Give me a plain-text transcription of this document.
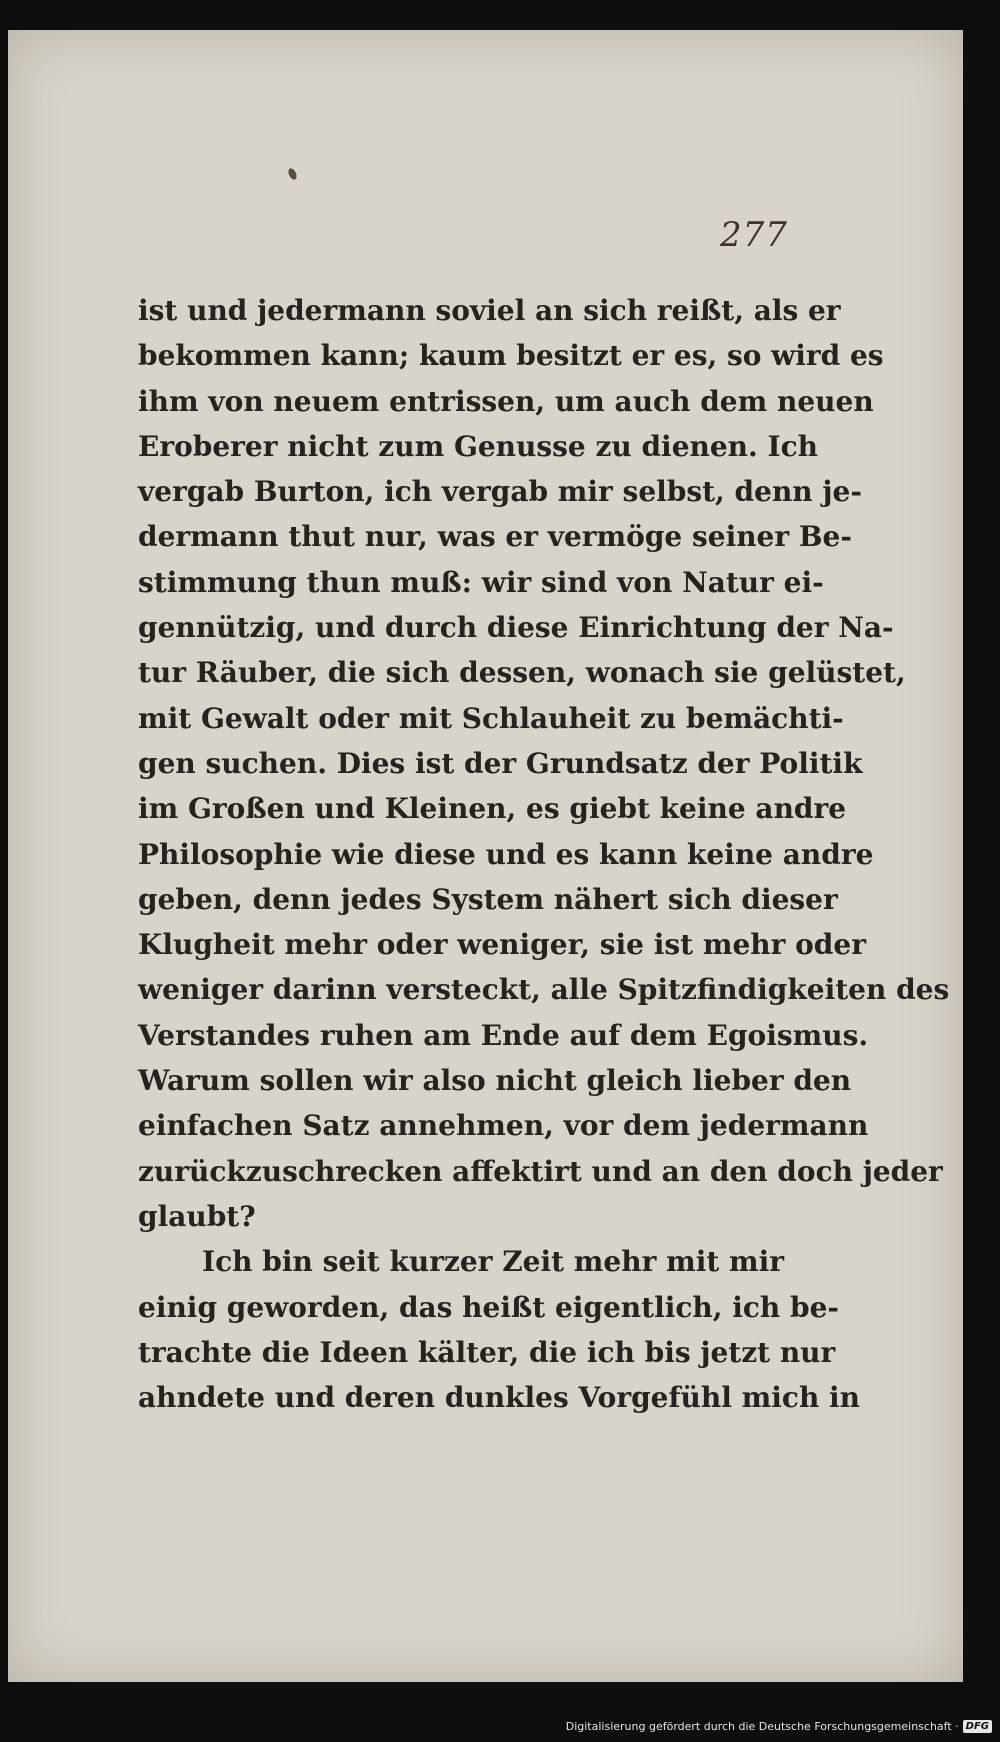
277
ist und jedermann soviel an sich reißt, als er
bekommen kann; kaum besitzt er es, so wird es
ihm von neuem entrissen, um auch dem neuen
Eroberer nicht zum Genusse zu dienen. Ich
vergab Burton, ich vergab mir selbst, denn je-
dermann thut nur, was er vermöge seiner Be-
stimmung thun muß: wir sind von Natur ei-
gennützig, und durch diese Einrichtung der Na-
tur Räuber, die sich dessen, wonach sie gelüstet,
mit Gewalt oder mit Schlauheit zu bemächti-
gen suchen. Dies ist der Grundsatz der Politik
im Großen und Kleinen, es giebt keine andre
Philosophie wie diese und es kann keine andre
geben, denn jedes System nähert sich dieser
Klugheit mehr oder weniger, sie ist mehr oder
weniger darinn versteckt, alle Spitzfindigkeiten des
Verstandes ruhen am Ende auf dem Egoismus.
Warum sollen wir also nicht gleich lieber den
einfachen Satz annehmen, vor dem jedermann
zurückzuschrecken affektirt und an den doch jeder
glaubt?
Ich bin seit kurzer Zeit mehr mit mir
einig geworden, das heißt eigentlich, ich be-
trachte die Ideen kälter, die ich bis jetzt nur
ahndete und deren dunkles Vorgefühl mich in
Digitalisierung gefördert durch die Deutsche Forschungsgemeinschaft · DFG
